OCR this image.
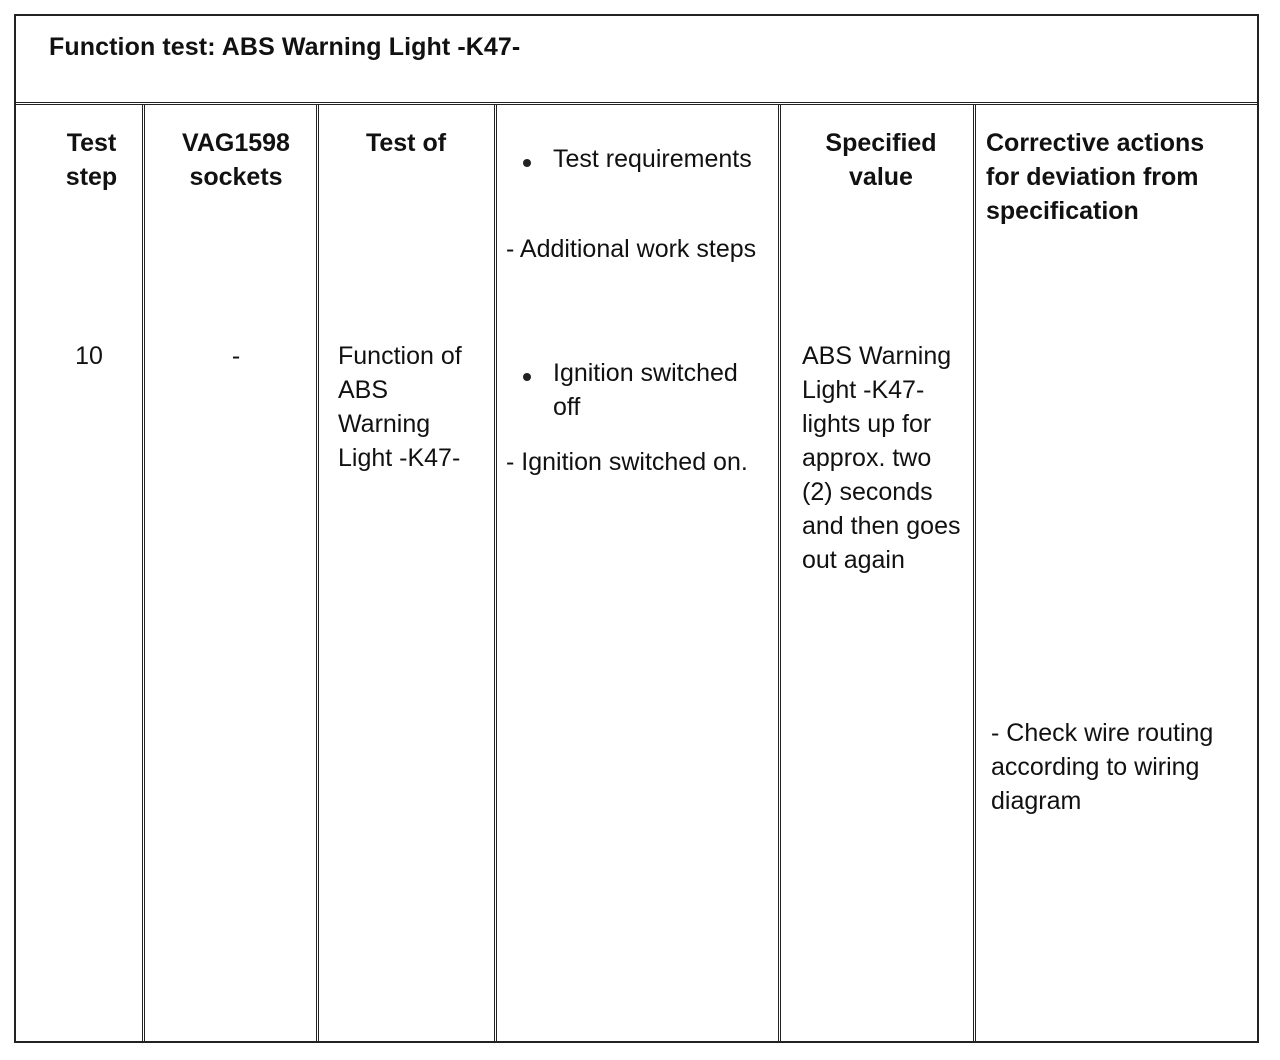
Function test: ABS Warning Light -K47-
Test step
VAG1598 sockets
Test of
Test requirements
- Additional work steps
Specified value
Corrective actions for deviation from specification
10	-	Function of ABS Warning Light -K47-
Ignition switched off
- Ignition switched on.
ABS Warning Light -K47- lights up for approx. two (2) seconds and then goes out again
- Check wire routing according to wiring diagram
